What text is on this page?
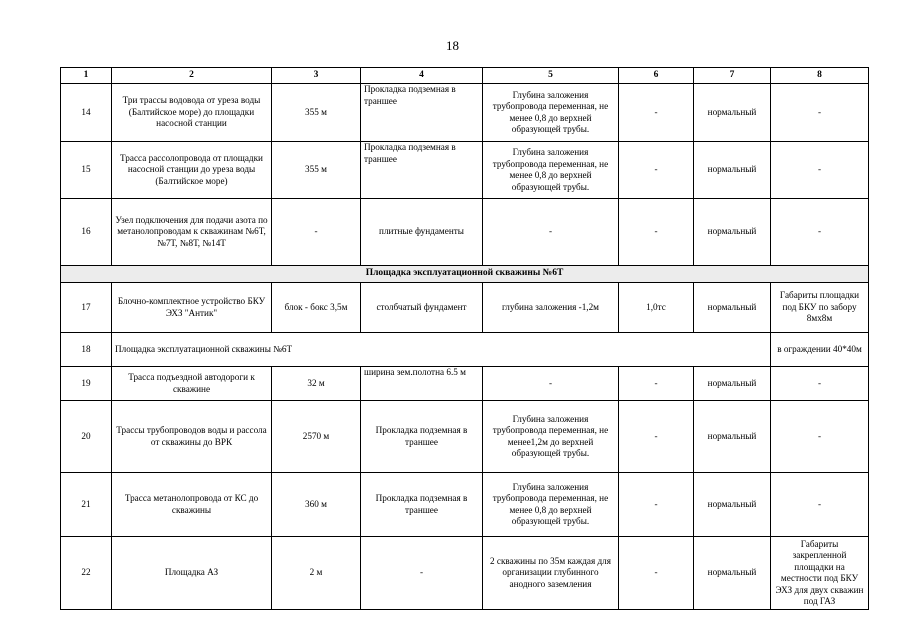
18
1	2	3	4	5	6	7	8
14	Три трассы водовода от уреза воды (Балтийское море) до площадки насосной станции	355 м	Прокладка подземная в траншее	Глубина заложения трубопровода переменная, не менее 0,8 до верхней образующей трубы.	-	нормальный	-
15	Трасса рассолопровода от площадки насосной станции до уреза воды (Балтийское море)	355 м	Прокладка подземная в траншее	Глубина заложения трубопровода переменная, не менее 0,8 до верхней образующей трубы.	-	нормальный	-
16	Узел подключения для подачи азота по метанолопроводам к скважинам №6Т, №7Т, №8Т, №14Т	-	плитные фундаменты	-	-	нормальный	-
Площадка эксплуатационной скважины №6Т							
17	Блочно-комплектное устройство БКУ ЭХЗ "Антик"	блок - бокс 3,5м	столбчатый фундамент	глубина заложения -1,2м	1,0тс	нормальный	Габариты площадки под БКУ по забору 8мх8м
18	Площадка эксплуатационной скважины №6Т						в ограждении 40*40м
19	Трасса подъездной автодороги к скважине	32 м	ширина зем.полотна 6.5 м	-	-	нормальный	-
20	Трассы трубопроводов воды и рассола от скважины до ВРК	2570 м	Прокладка подземная в траншее	Глубина заложения трубопровода переменная, не менее1,2м до верхней образующей трубы.	-	нормальный	-
21	Трасса метанолопровода от КС до скважины	360 м	Прокладка подземная в траншее	Глубина заложения трубопровода переменная, не менее 0,8 до верхней образующей трубы.	-	нормальный	-
22	Площадка АЗ	2 м	-	2 скважины по 35м каждая для организации глубинного анодного заземления	-	нормальный	Габариты закрепленной площадки на местности под БКУ ЭХЗ для двух скважин под ГАЗ
